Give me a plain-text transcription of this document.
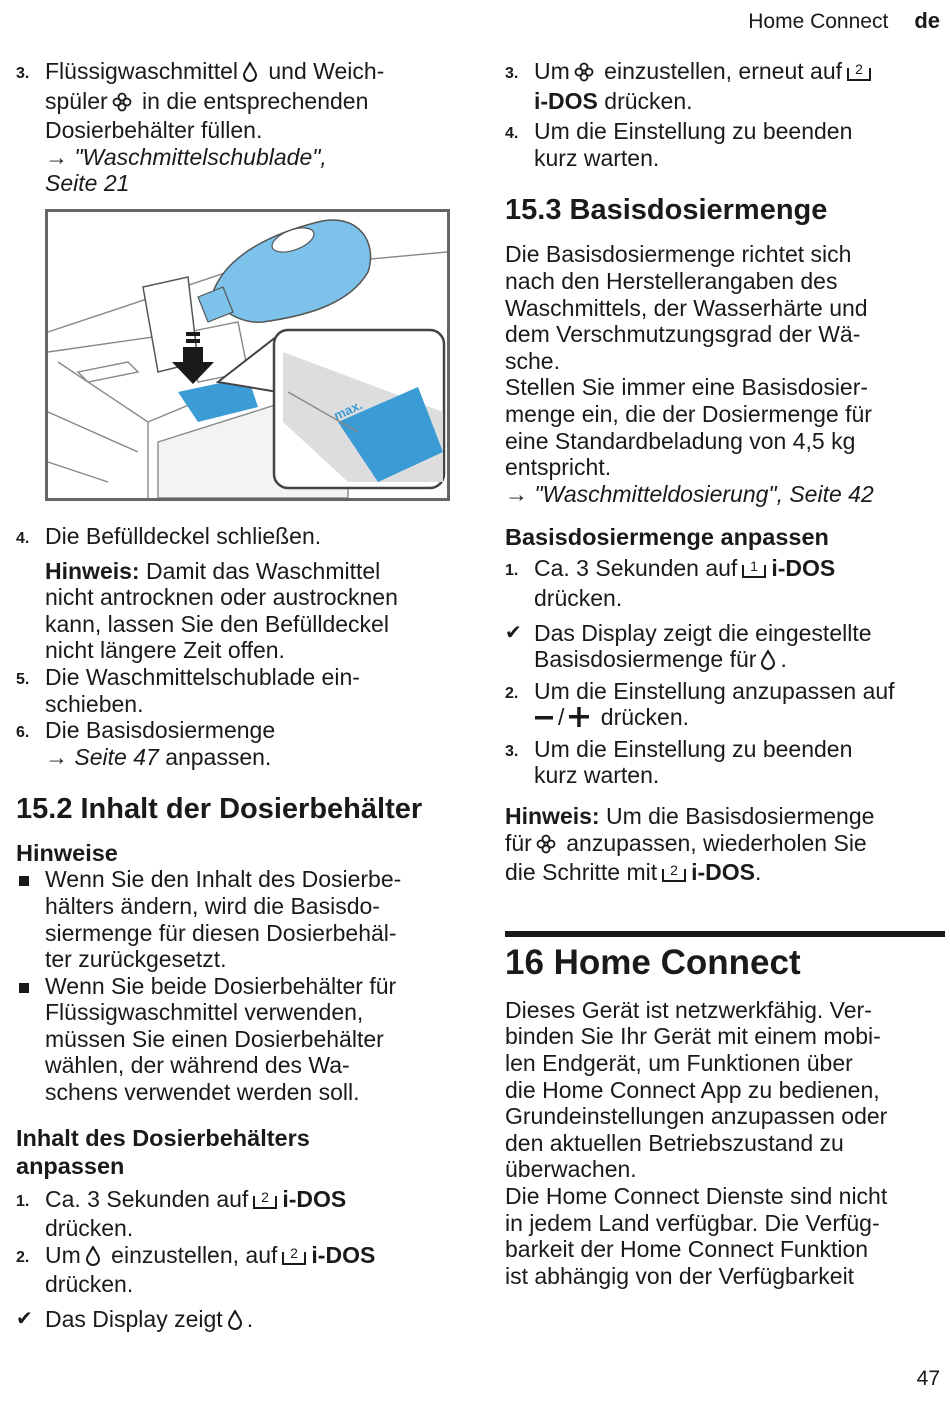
Home Connect de
3. Flüssigwaschmittel und Weich-

spüler in die entsprechenden

Dosierbehälter füllen.

→ "Waschmittelschublade",

Seite 21

max.
4. Die Befülldeckel schließen.

Hinweis: Damit das Waschmittel

nicht antrocknen oder austrocknen

kann, lassen Sie den Befülldeckel

nicht längere Zeit offen.

5. Die Waschmittelschublade ein-

schieben.

6. Die Basisdosiermenge

→ Seite 47 anpassen.

15.2 Inhalt der Dosierbehälter

Hinweise

Wenn Sie den Inhalt des Dosierbe-

hälters ändern, wird die Basisdo-

siermenge für diesen Dosierbehäl-

ter zurückgesetzt.

Wenn Sie beide Dosierbehälter für

Flüssigwaschmittel verwenden,

müssen Sie einen Dosierbehälter

wählen, der während des Wa-

schens verwendet werden soll.

Inhalt des Dosierbehälters

anpassen

1. Ca. 3 Sekunden auf 2 i-DOS

drücken.

2. Um einzustellen, auf 2 i-DOS

drücken.

✔ Das Display zeigt .

3. Um einzustellen, erneut auf 2

i-DOS drücken.

4. Um die Einstellung zu beenden

kurz warten.

15.3 Basisdosiermenge

Die Basisdosiermenge richtet sich

nach den Herstellerangaben des

Waschmittels, der Wasserhärte und

dem Verschmutzungsgrad der Wä-

sche.

Stellen Sie immer eine Basisdosier-

menge ein, die der Dosiermenge für

eine Standardbeladung von 4,5 kg

entspricht.

→ "Waschmitteldosierung", Seite 42

Basisdosiermenge anpassen

1. Ca. 3 Sekunden auf 1 i-DOS

drücken.

✔ Das Display zeigt die eingestellte

Basisdosiermenge für .

2. Um die Einstellung anzupassen auf

/ drücken.

3. Um die Einstellung zu beenden

kurz warten.

Hinweis: Um die Basisdosiermenge

für anzupassen, wiederholen Sie

die Schritte mit 2 i-DOS.

16 Home Connect

Dieses Gerät ist netzwerkfähig. Ver-

binden Sie Ihr Gerät mit einem mobi-

len Endgerät, um Funktionen über

die Home Connect App zu bedienen,

Grundeinstellungen anzupassen oder

den aktuellen Betriebszustand zu

überwachen.

Die Home Connect Dienste sind nicht

in jedem Land verfügbar. Die Verfüg-

barkeit der Home Connect Funktion

ist abhängig von der Verfügbarkeit

47
